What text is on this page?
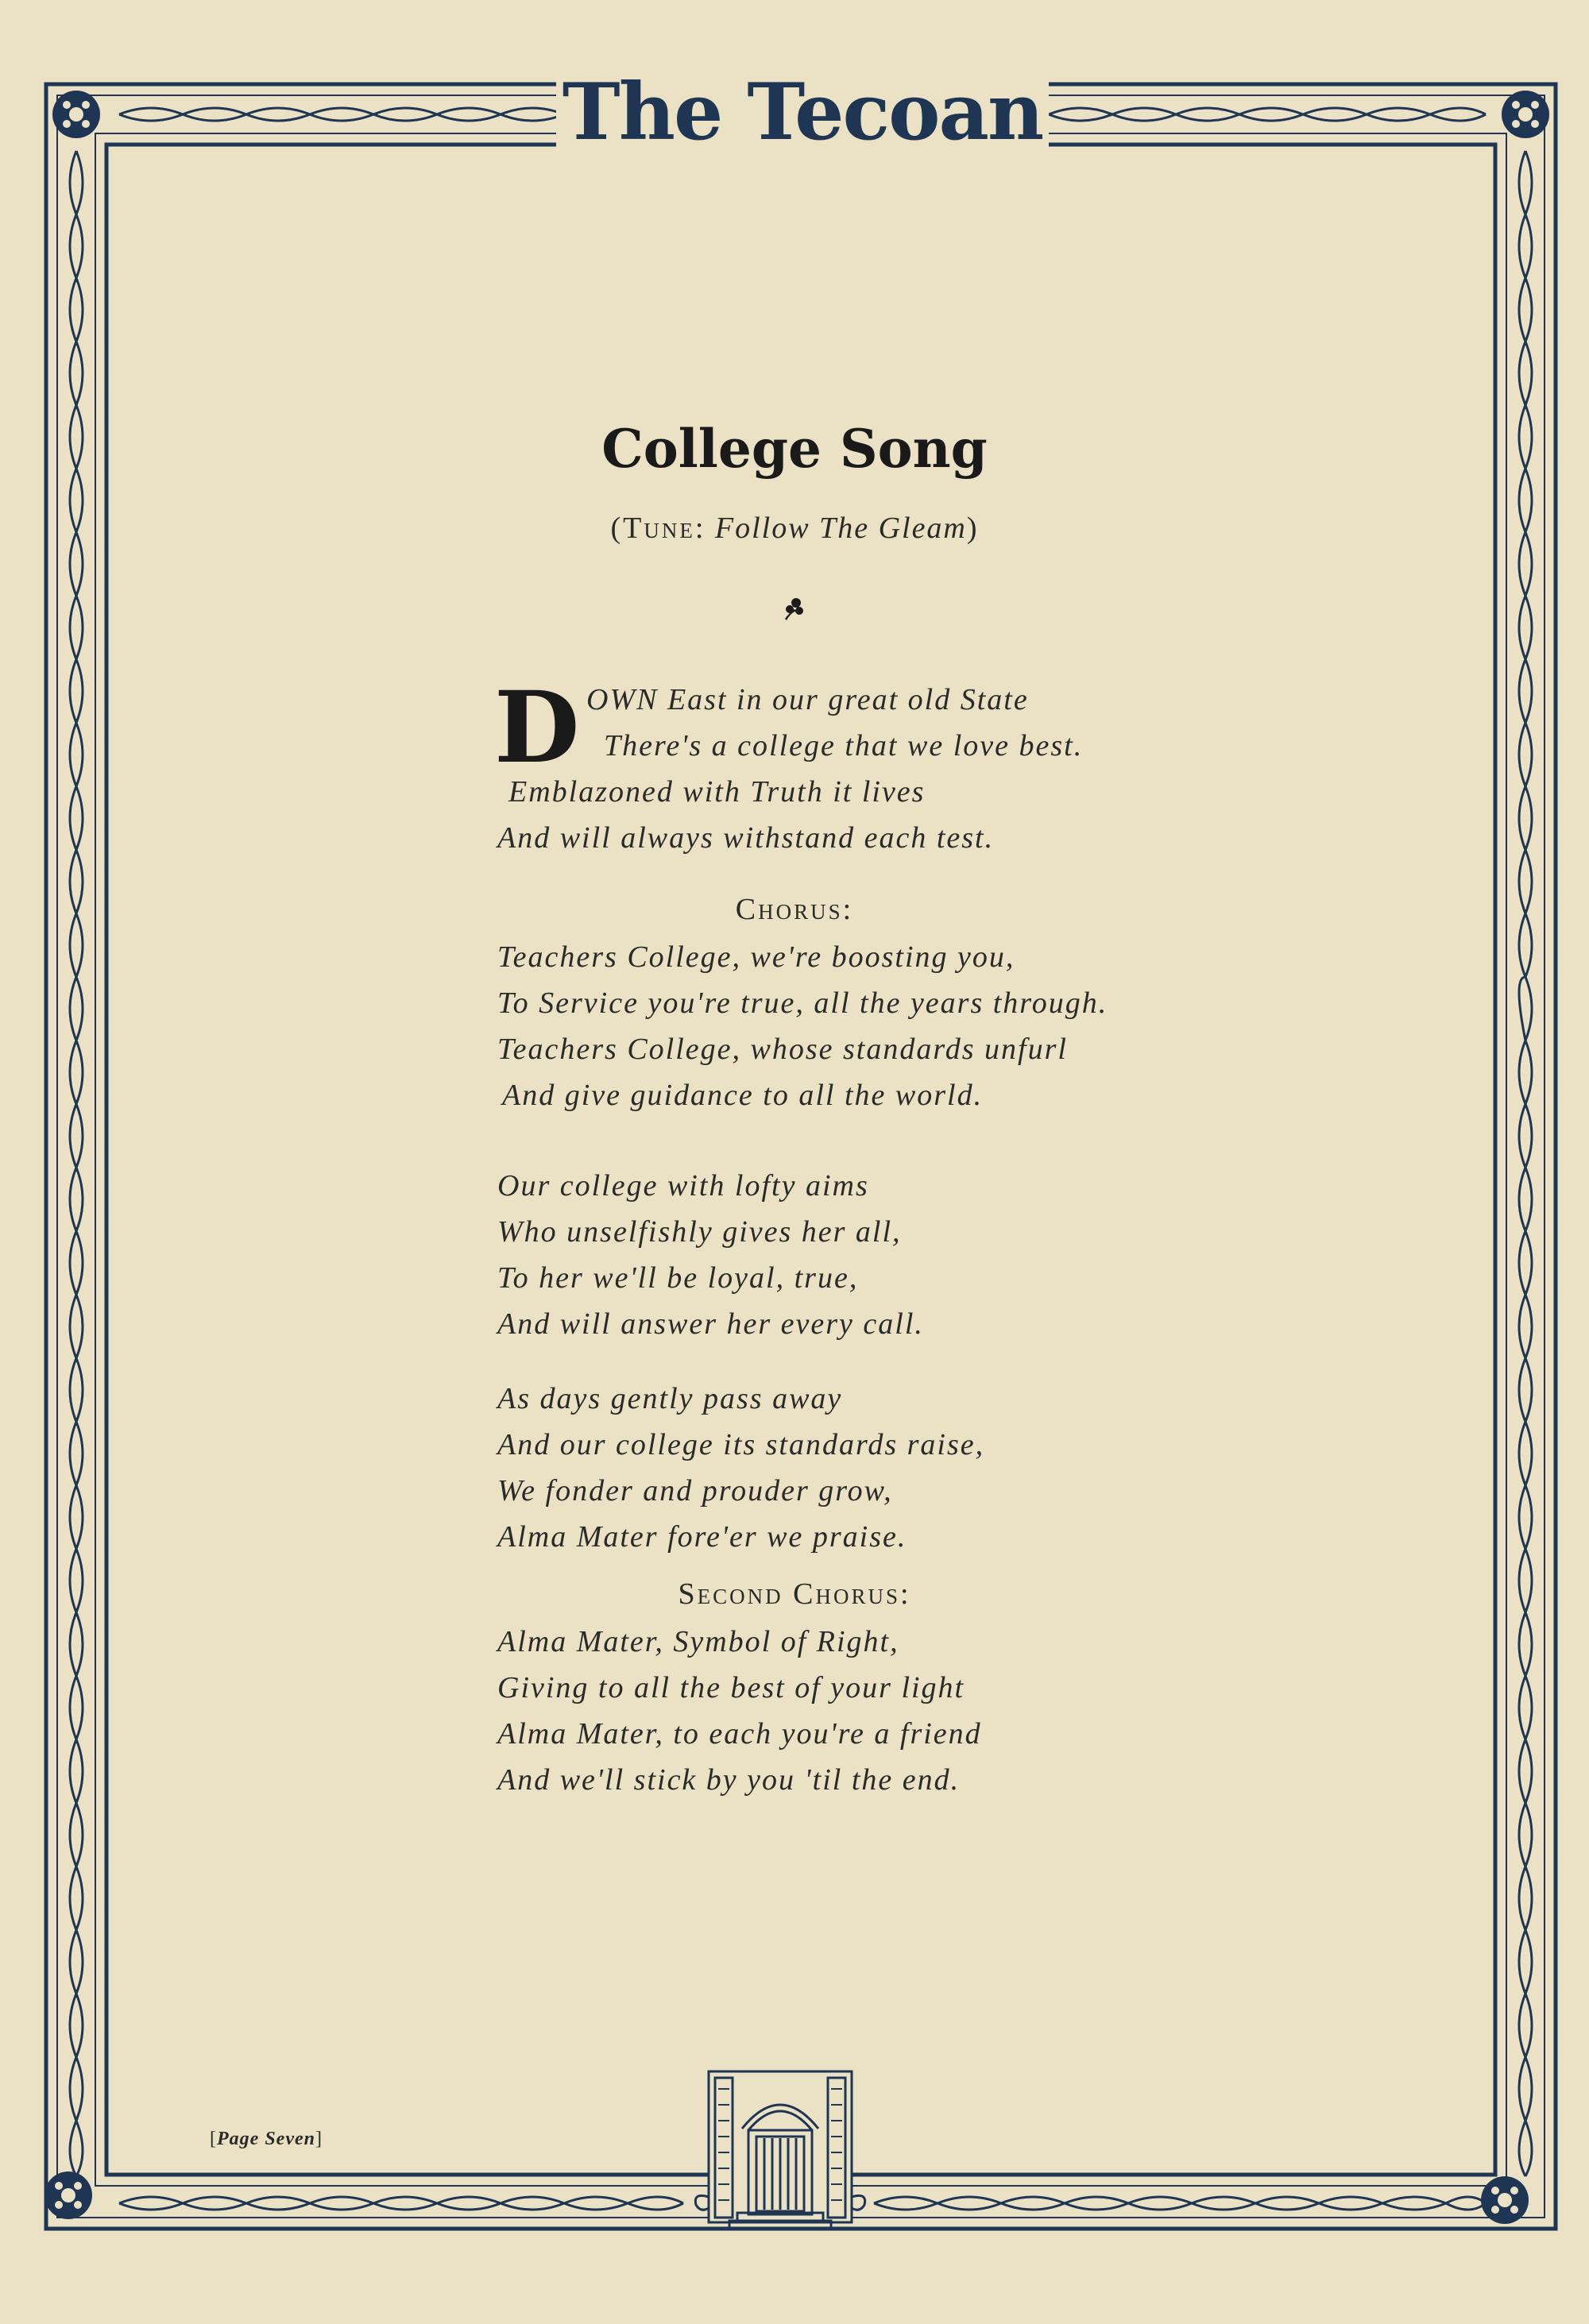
The Tecoan
College Song
(Tune: Follow The Gleam)
D OWN East in our great old State
There's a college that we love best.
Emblazoned with Truth it lives
And will always withstand each test.
Chorus:
Teachers College, we're boosting you,
To Service you're true, all the years through.
Teachers College, whose standards unfurl
And give guidance to all the world.
Our college with lofty aims
Who unselfishly gives her all,
To her we'll be loyal, true,
And will answer her every call.
As days gently pass away
And our college its standards raise,
We fonder and prouder grow,
Alma Mater fore'er we praise.
Second Chorus:
Alma Mater, Symbol of Right,
Giving to all the best of your light
Alma Mater, to each you're a friend
And we'll stick by you 'til the end.
[Page Seven]
